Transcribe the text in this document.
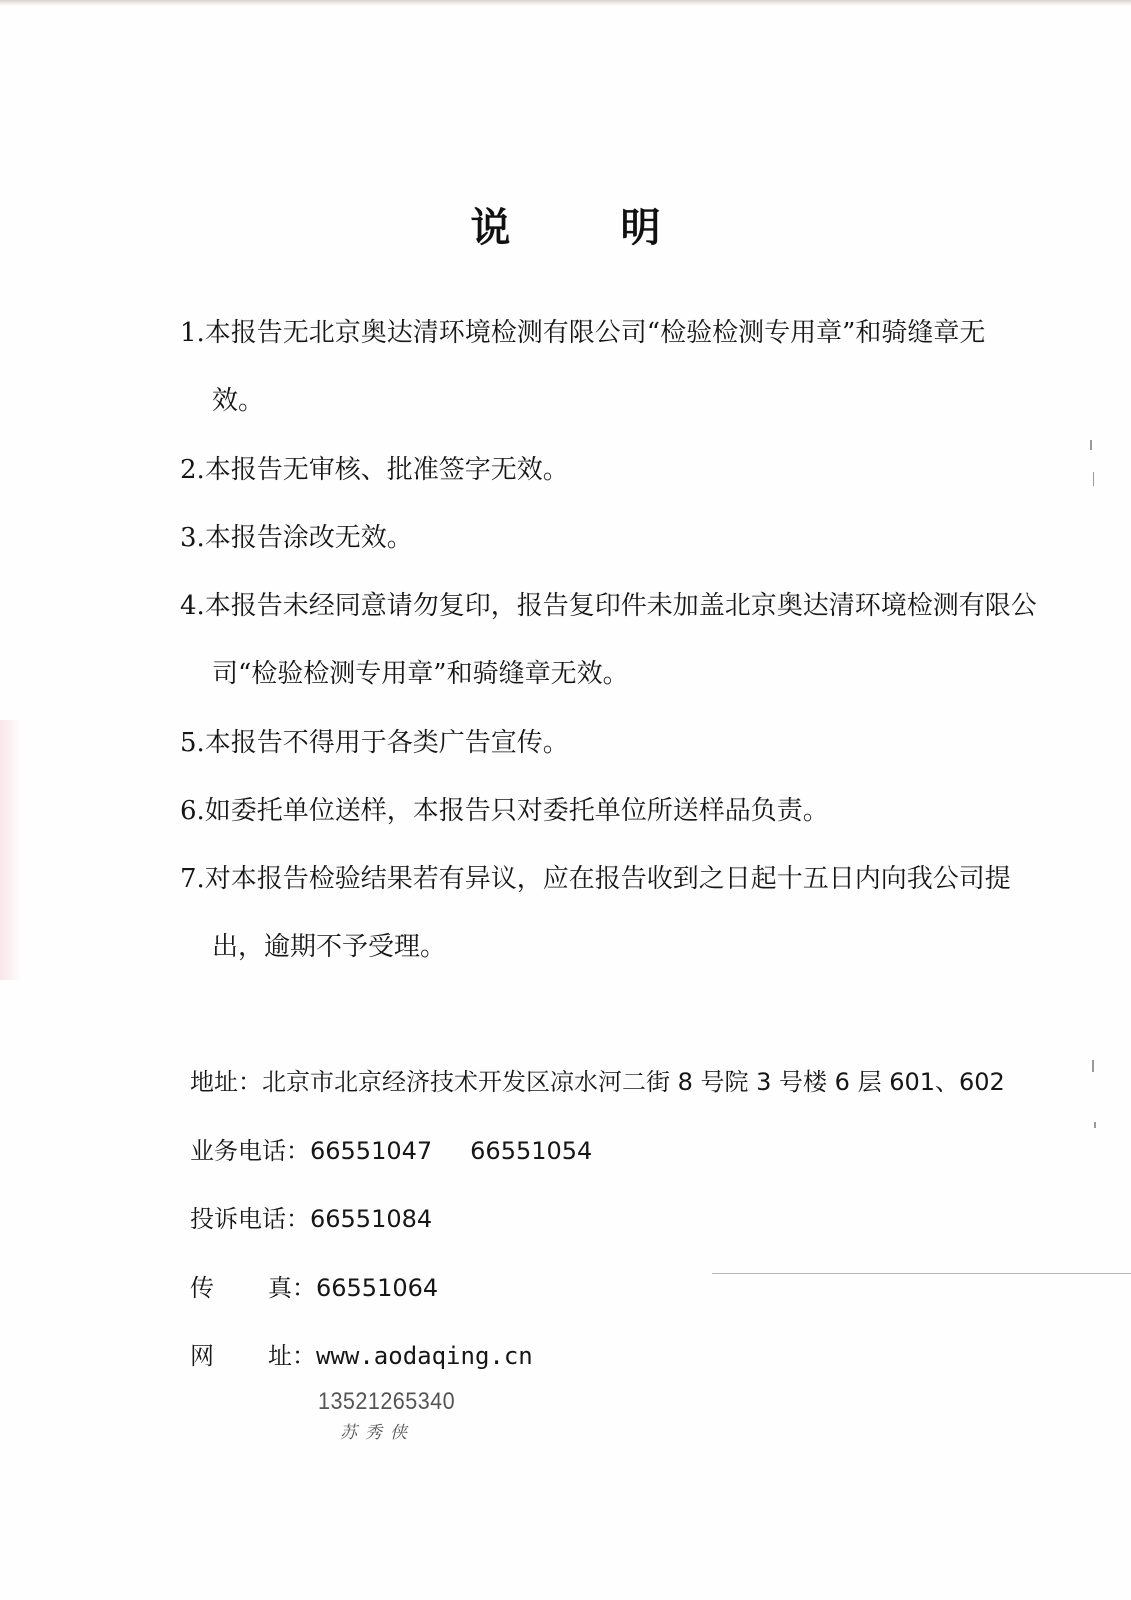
说	明
1.本报告无北京奥达清环境检测有限公司“检验检测专用章”和骑缝章无
效。
2.本报告无审核、批准签字无效。
3.本报告涂改无效。
4.本报告未经同意请勿复印，报告复印件未加盖北京奥达清环境检测有限公
司“检验检测专用章”和骑缝章无效。
5.本报告不得用于各类广告宣传。
6.如委托单位送样，本报告只对委托单位所送样品负责。
7.对本报告检验结果若有异议，应在报告收到之日起十五日内向我公司提
出，逾期不予受理。
地址：北京市北京经济技术开发区凉水河二街 8 号院 3 号楼 6 层 601、602
业务电话：66551047 66551054
投诉电话：66551084
传 真：66551064
网 址：www.aodaqing.cn
13521265340
苏秀侠
